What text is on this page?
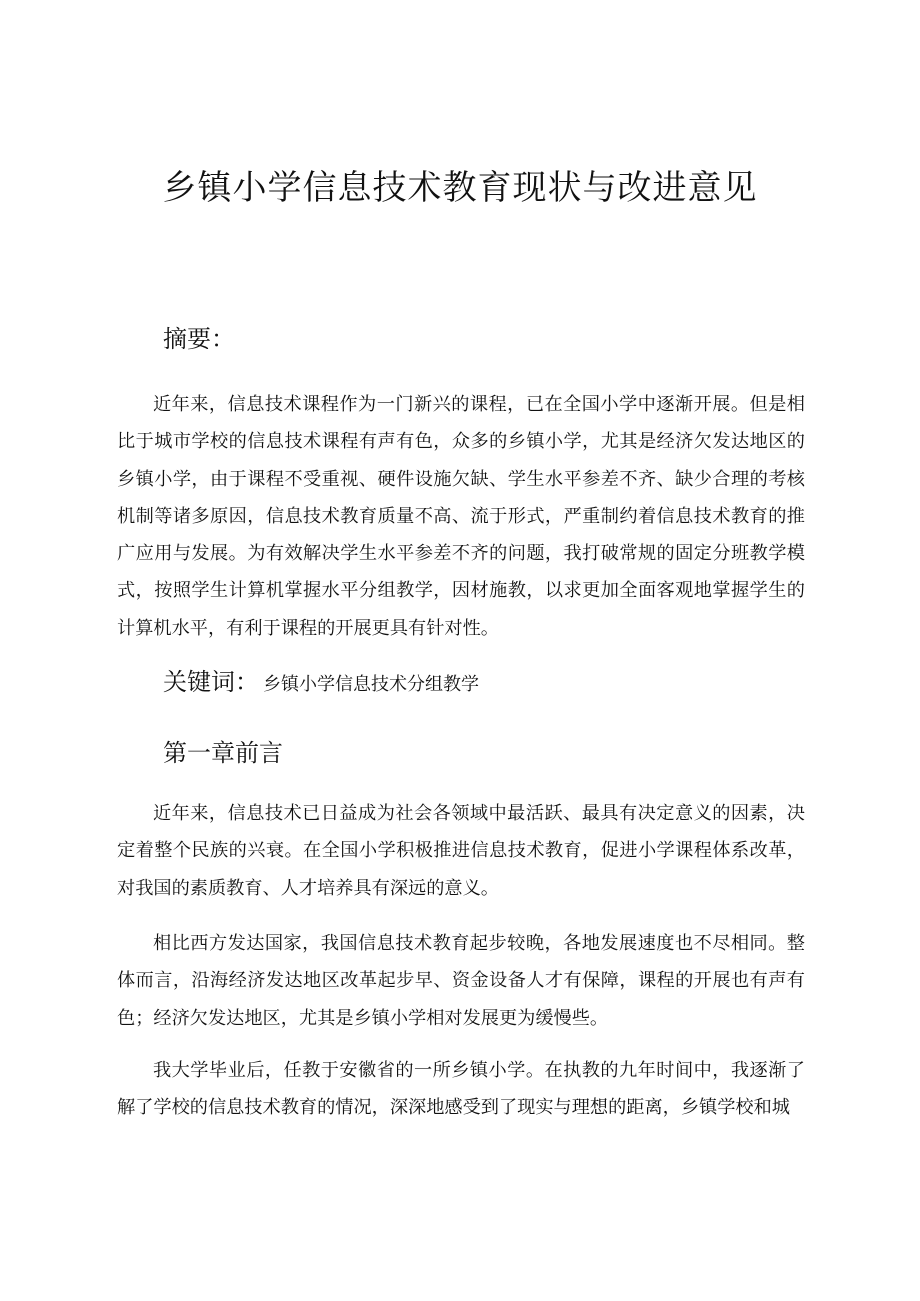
乡镇小学信息技术教育现状与改进意见
摘要：

近年来，信息技术课程作为一门新兴的课程，已在全国小学中逐渐开展。但是相比于城市学校的信息技术课程有声有色，众多的乡镇小学，尤其是经济欠发达地区的乡镇小学，由于课程不受重视、硬件设施欠缺、学生水平参差不齐、缺少合理的考核机制等诸多原因，信息技术教育质量不高、流于形式，严重制约着信息技术教育的推广应用与发展。为有效解决学生水平参差不齐的问题，我打破常规的固定分班教学模式，按照学生计算机掌握水平分组教学，因材施教，以求更加全面客观地掌握学生的计算机水平，有利于课程的开展更具有针对性。

关键词： 乡镇小学信息技术分组教学
第一章前言

近年来，信息技术已日益成为社会各领域中最活跃、最具有决定意义的因素，决定着整个民族的兴衰。在全国小学积极推进信息技术教育，促进小学课程体系改革，对我国的素质教育、人才培养具有深远的意义。

相比西方发达国家，我国信息技术教育起步较晚，各地发展速度也不尽相同。整体而言，沿海经济发达地区改革起步早、资金设备人才有保障，课程的开展也有声有色；经济欠发达地区，尤其是乡镇小学相对发展更为缓慢些。

我大学毕业后，任教于安徽省的一所乡镇小学。在执教的九年时间中，我逐渐了解了学校的信息技术教育的情况，深深地感受到了现实与理想的距离，乡镇学校和城
